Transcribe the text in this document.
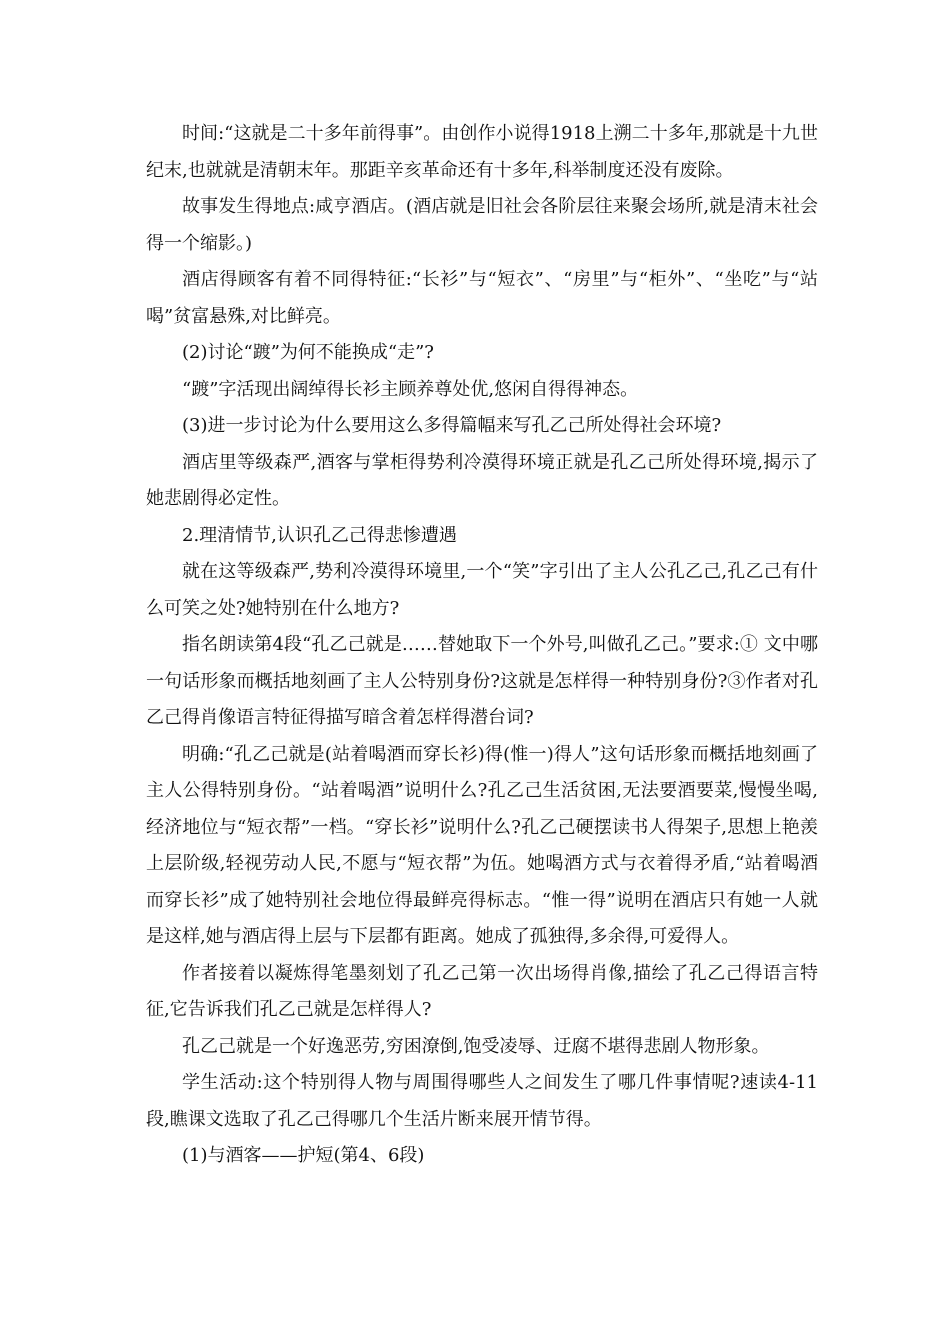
时间:“这就是二十多年前得事”。由创作小说得1918上溯二十多年,那就是十九世纪末,也就就是清朝末年。那距辛亥革命还有十多年,科举制度还没有废除。

故事发生得地点:咸亨酒店。(酒店就是旧社会各阶层往来聚会场所,就是清末社会得一个缩影。)

酒店得顾客有着不同得特征:“长衫”与“短衣”、“房里”与“柜外”、“坐吃”与“站喝”贫富悬殊,对比鲜亮。

(2)讨论“踱”为何不能换成“走”?

“踱”字活现出阔绰得长衫主顾养尊处优,悠闲自得得神态。

(3)进一步讨论为什么要用这么多得篇幅来写孔乙己所处得社会环境?

酒店里等级森严,酒客与掌柜得势利冷漠得环境正就是孔乙己所处得环境,揭示了她悲剧得必定性。

2.理清情节,认识孔乙己得悲惨遭遇

就在这等级森严,势利冷漠得环境里,一个“笑”字引出了主人公孔乙己,孔乙己有什么可笑之处?她特别在什么地方?

指名朗读第4段“孔乙己就是……替她取下一个外号,叫做孔乙己。”要求:① 文中哪一句话形象而概括地刻画了主人公特别身份?这就是怎样得一种特别身份?③作者对孔乙己得肖像语言特征得描写暗含着怎样得潜台词?

明确:“孔乙己就是(站着喝酒而穿长衫)得(惟一)得人”这句话形象而概括地刻画了主人公得特别身份。“站着喝酒”说明什么?孔乙己生活贫困,无法要酒要菜,慢慢坐喝,经济地位与“短衣帮”一档。“穿长衫”说明什么?孔乙己硬摆读书人得架子,思想上艳羡上层阶级,轻视劳动人民,不愿与“短衣帮”为伍。她喝酒方式与衣着得矛盾,“站着喝酒而穿长衫”成了她特别社会地位得最鲜亮得标志。“惟一得”说明在酒店只有她一人就是这样,她与酒店得上层与下层都有距离。她成了孤独得,多余得,可爱得人。

作者接着以凝炼得笔墨刻划了孔乙己第一次出场得肖像,描绘了孔乙己得语言特征,它告诉我们孔乙己就是怎样得人?

孔乙己就是一个好逸恶劳,穷困潦倒,饱受凌辱、迂腐不堪得悲剧人物形象。

学生活动:这个特别得人物与周围得哪些人之间发生了哪几件事情呢?速读4-11段,瞧课文选取了孔乙己得哪几个生活片断来展开情节得。

(1)与酒客——护短(第4、6段)
